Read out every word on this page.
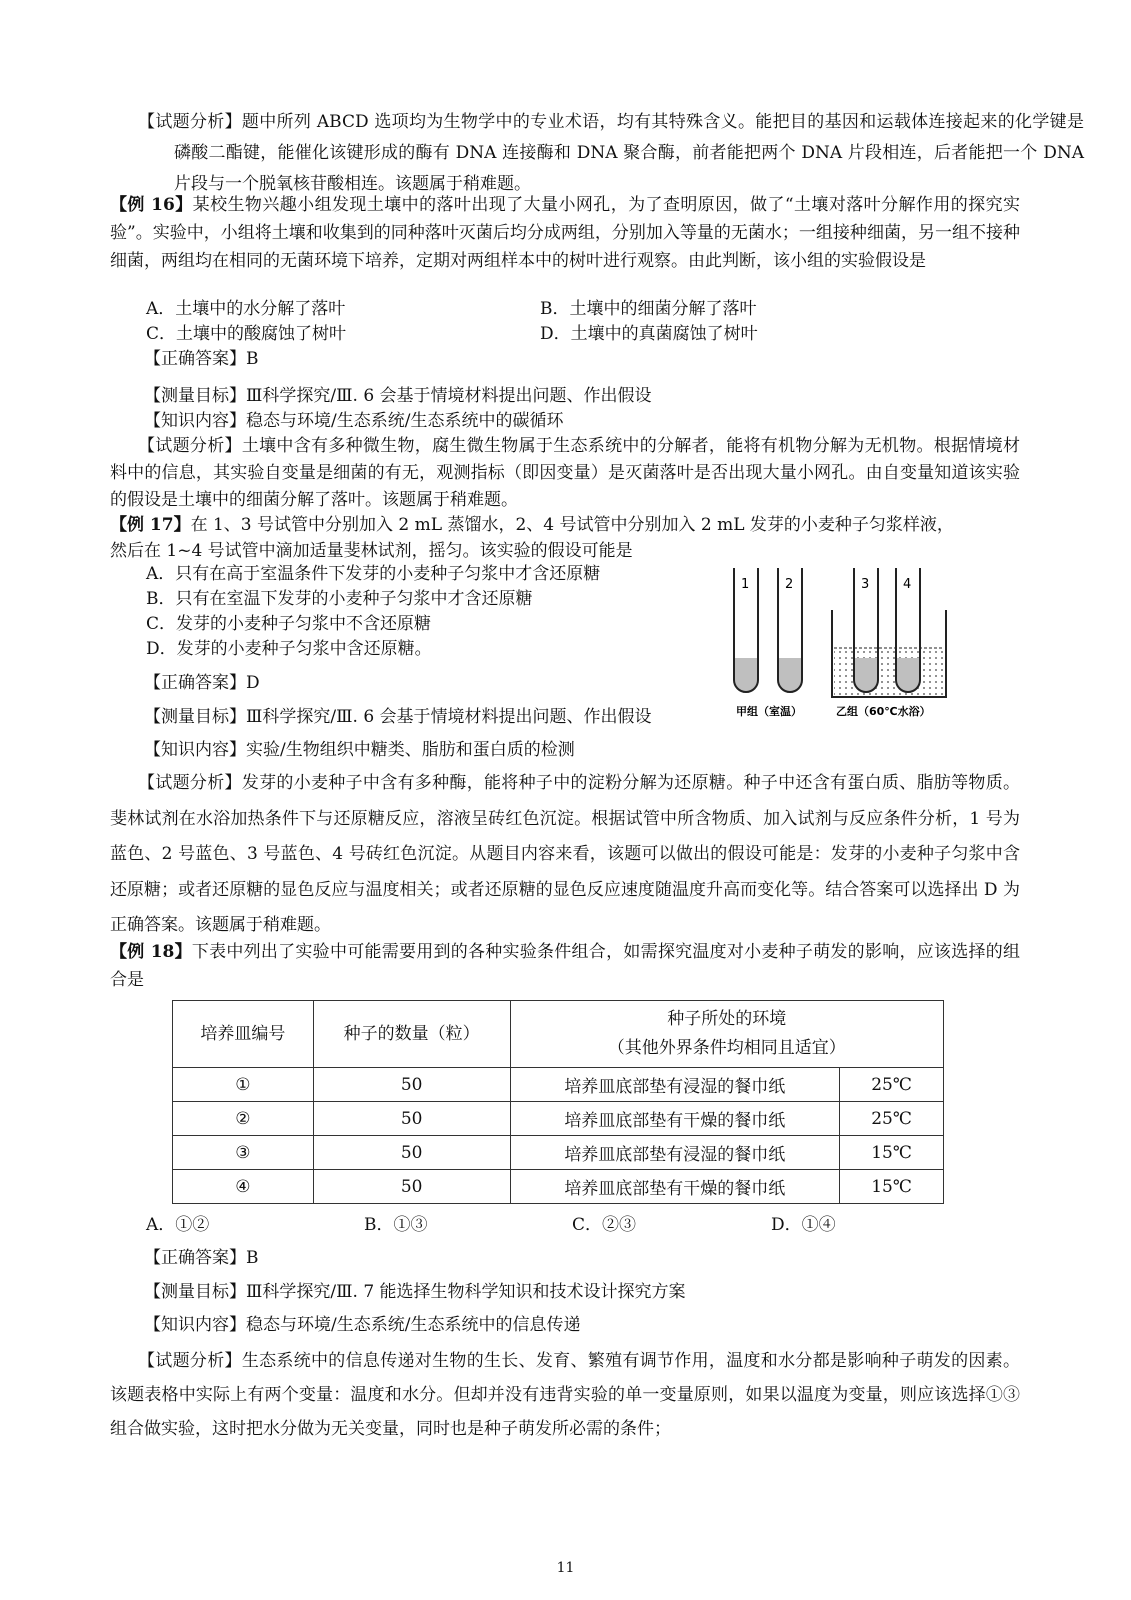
【试题分析】题中所列 ABCD 选项均为生物学中的专业术语，均有其特殊含义。能把目的基因和运载体连接起来的化学键是磷酸二酯键，能催化该键形成的酶有 DNA 连接酶和 DNA 聚合酶，前者能把两个 DNA 片段相连，后者能把一个 DNA 片段与一个脱氧核苷酸相连。该题属于稍难题。
【例 16】某校生物兴趣小组发现土壤中的落叶出现了大量小网孔，为了查明原因，做了“土壤对落叶分解作用的探究实验”。实验中，小组将土壤和收集到的同种落叶灭菌后均分成两组，分别加入等量的无菌水；一组接种细菌，另一组不接种细菌，两组均在相同的无菌环境下培养，定期对两组样本中的树叶进行观察。由此判断，该小组的实验假设是
A．土壤中的水分解了落叶	B．土壤中的细菌分解了落叶
C．土壤中的酸腐蚀了树叶	D．土壤中的真菌腐蚀了树叶
【正确答案】B
【测量目标】Ⅲ科学探究/Ⅲ. 6 会基于情境材料提出问题、作出假设
【知识内容】稳态与环境/生态系统/生态系统中的碳循环
【试题分析】土壤中含有多种微生物，腐生微生物属于生态系统中的分解者，能将有机物分解为无机物。根据情境材料中的信息，其实验自变量是细菌的有无，观测指标（即因变量）是灭菌落叶是否出现大量小网孔。由自变量知道该实验的假设是土壤中的细菌分解了落叶。该题属于稍难题。
【例 17】在 1、3 号试管中分别加入 2 mL 蒸馏水，2、4 号试管中分别加入 2 mL 发芽的小麦种子匀浆样液，
然后在 1~4 号试管中滴加适量斐林试剂，摇匀。该实验的假设可能是
A．只有在高于室温条件下发芽的小麦种子匀浆中才含还原糖
B．只有在室温下发芽的小麦种子匀浆中才含还原糖
C．发芽的小麦种子匀浆中不含还原糖
D．发芽的小麦种子匀浆中含还原糖。
【正确答案】D
【测量目标】Ⅲ科学探究/Ⅲ. 6 会基于情境材料提出问题、作出假设
【知识内容】实验/生物组织中糖类、脂肪和蛋白质的检测
1	2	3	4
甲组（室温）	乙组（60℃水浴）
【试题分析】发芽的小麦种子中含有多种酶，能将种子中的淀粉分解为还原糖。种子中还含有蛋白质、脂肪等物质。斐林试剂在水浴加热条件下与还原糖反应，溶液呈砖红色沉淀。根据试管中所含物质、加入试剂与反应条件分析，1 号为蓝色、2 号蓝色、3 号蓝色、4 号砖红色沉淀。从题目内容来看，该题可以做出的假设可能是：发芽的小麦种子匀浆中含还原糖；或者还原糖的显色反应与温度相关；或者还原糖的显色反应速度随温度升高而变化等。结合答案可以选择出 D 为正确答案。该题属于稍难题。
【例 18】下表中列出了实验中可能需要用到的各种实验条件组合，如需探究温度对小麦种子萌发的影响，应该选择的组合是
培养皿编号	种子的数量（粒）	种子所处的环境
（其他外界条件均相同且适宜）	

①	50	培养皿底部垫有浸湿的餐巾纸	25℃
②	50	培养皿底部垫有干燥的餐巾纸	25℃
③	50	培养皿底部垫有浸湿的餐巾纸	15℃
④	50	培养皿底部垫有干燥的餐巾纸	15℃
A．①②	B．①③	C．②③	D．①④
【正确答案】B
【测量目标】Ⅲ科学探究/Ⅲ. 7 能选择生物科学知识和技术设计探究方案
【知识内容】稳态与环境/生态系统/生态系统中的信息传递
【试题分析】生态系统中的信息传递对生物的生长、发育、繁殖有调节作用，温度和水分都是影响种子萌发的因素。该题表格中实际上有两个变量：温度和水分。但却并没有违背实验的单一变量原则，如果以温度为变量，则应该选择①③组合做实验，这时把水分做为无关变量，同时也是种子萌发所必需的条件；
11
